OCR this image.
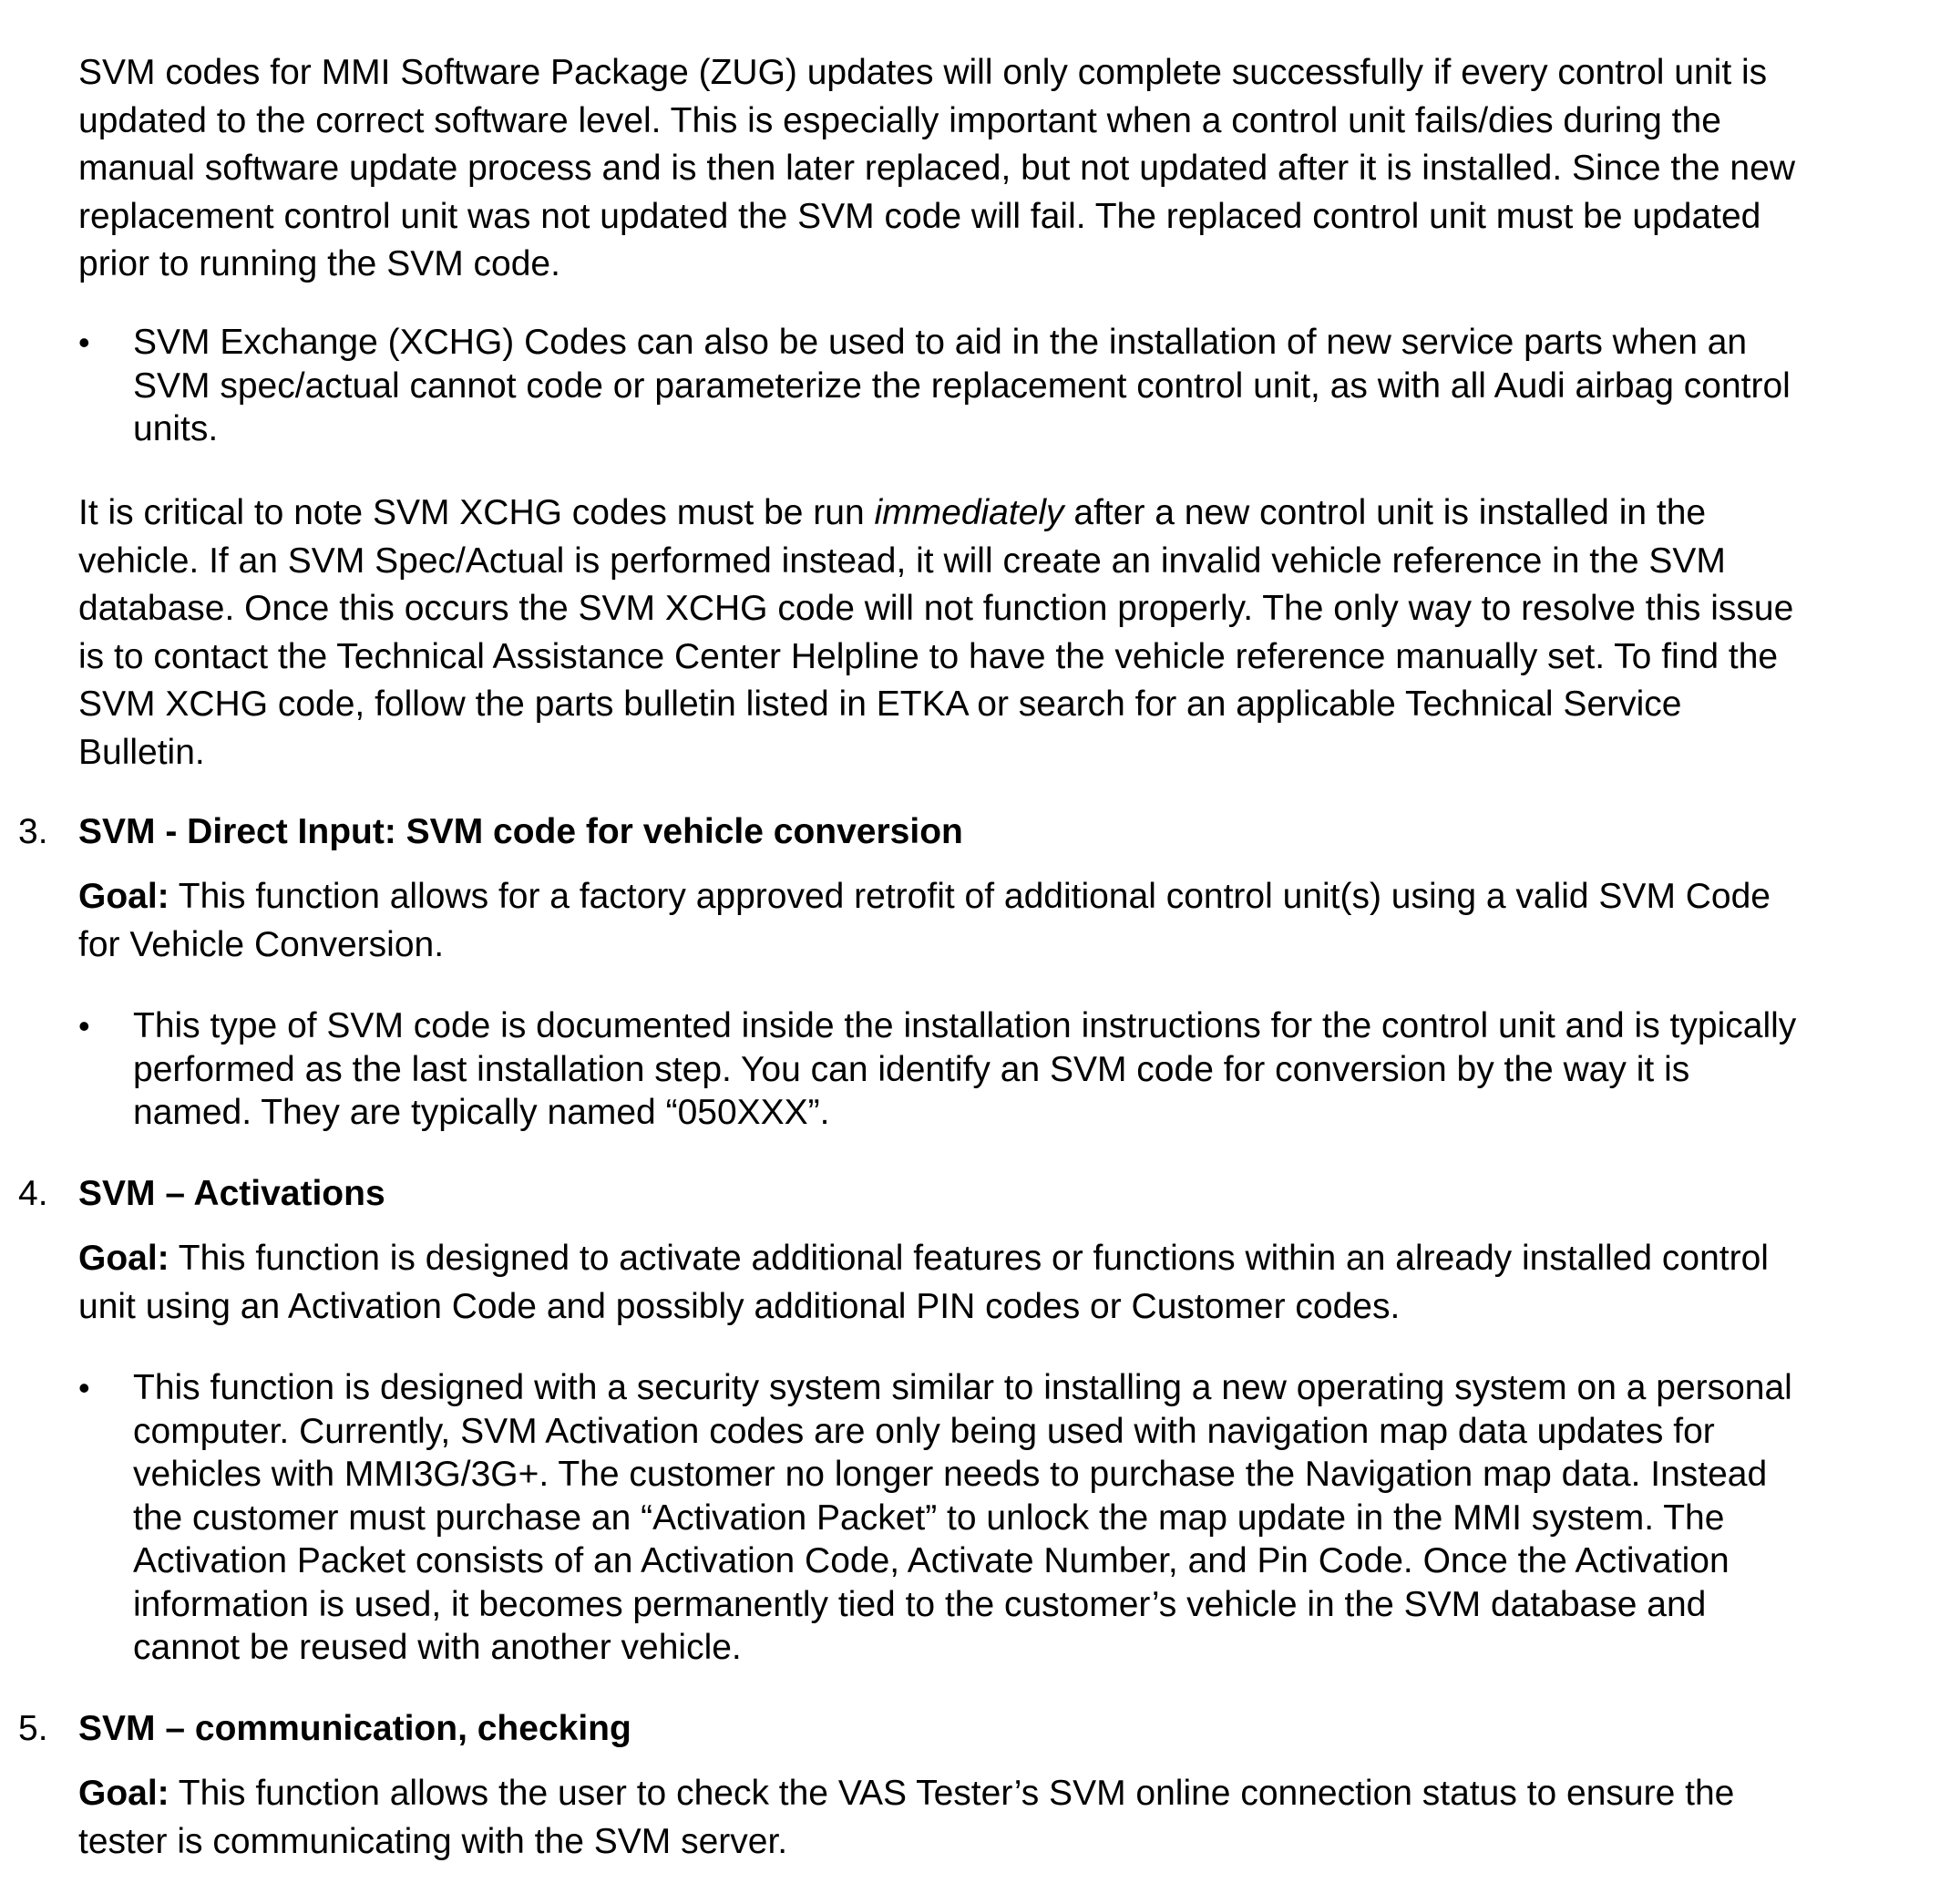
SVM codes for MMI Software Package (ZUG) updates will only complete successfully if every control unit is
updated to the correct software level. This is especially important when a control unit fails/dies during the
manual software update process and is then later replaced, but not updated after it is installed. Since the new
replacement control unit was not updated the SVM code will fail. The replaced control unit must be updated
prior to running the SVM code.
•	SVM Exchange (XCHG) Codes can also be used to aid in the installation of new service parts when an
SVM spec/actual cannot code or parameterize the replacement control unit, as with all Audi airbag control
units.
It is critical to note SVM XCHG codes must be run immediately after a new control unit is installed in the
vehicle. If an SVM Spec/Actual is performed instead, it will create an invalid vehicle reference in the SVM
database. Once this occurs the SVM XCHG code will not function properly. The only way to resolve this issue
is to contact the Technical Assistance Center Helpline to have the vehicle reference manually set. To find the
SVM XCHG code, follow the parts bulletin listed in ETKA or search for an applicable Technical Service
Bulletin.
3. SVM - Direct Input: SVM code for vehicle conversion
Goal: This function allows for a factory approved retrofit of additional control unit(s) using a valid SVM Code
for Vehicle Conversion.
•	This type of SVM code is documented inside the installation instructions for the control unit and is typically
performed as the last installation step. You can identify an SVM code for conversion by the way it is
named. They are typically named “050XXX”.
4. SVM – Activations
Goal: This function is designed to activate additional features or functions within an already installed control
unit using an Activation Code and possibly additional PIN codes or Customer codes.
•	This function is designed with a security system similar to installing a new operating system on a personal
computer. Currently, SVM Activation codes are only being used with navigation map data updates for
vehicles with MMI3G/3G+. The customer no longer needs to purchase the Navigation map data. Instead
the customer must purchase an “Activation Packet” to unlock the map update in the MMI system. The
Activation Packet consists of an Activation Code, Activate Number, and Pin Code. Once the Activation
information is used, it becomes permanently tied to the customer’s vehicle in the SVM database and
cannot be reused with another vehicle.
5. SVM – communication, checking
Goal: This function allows the user to check the VAS Tester’s SVM online connection status to ensure the
tester is communicating with the SVM server.
